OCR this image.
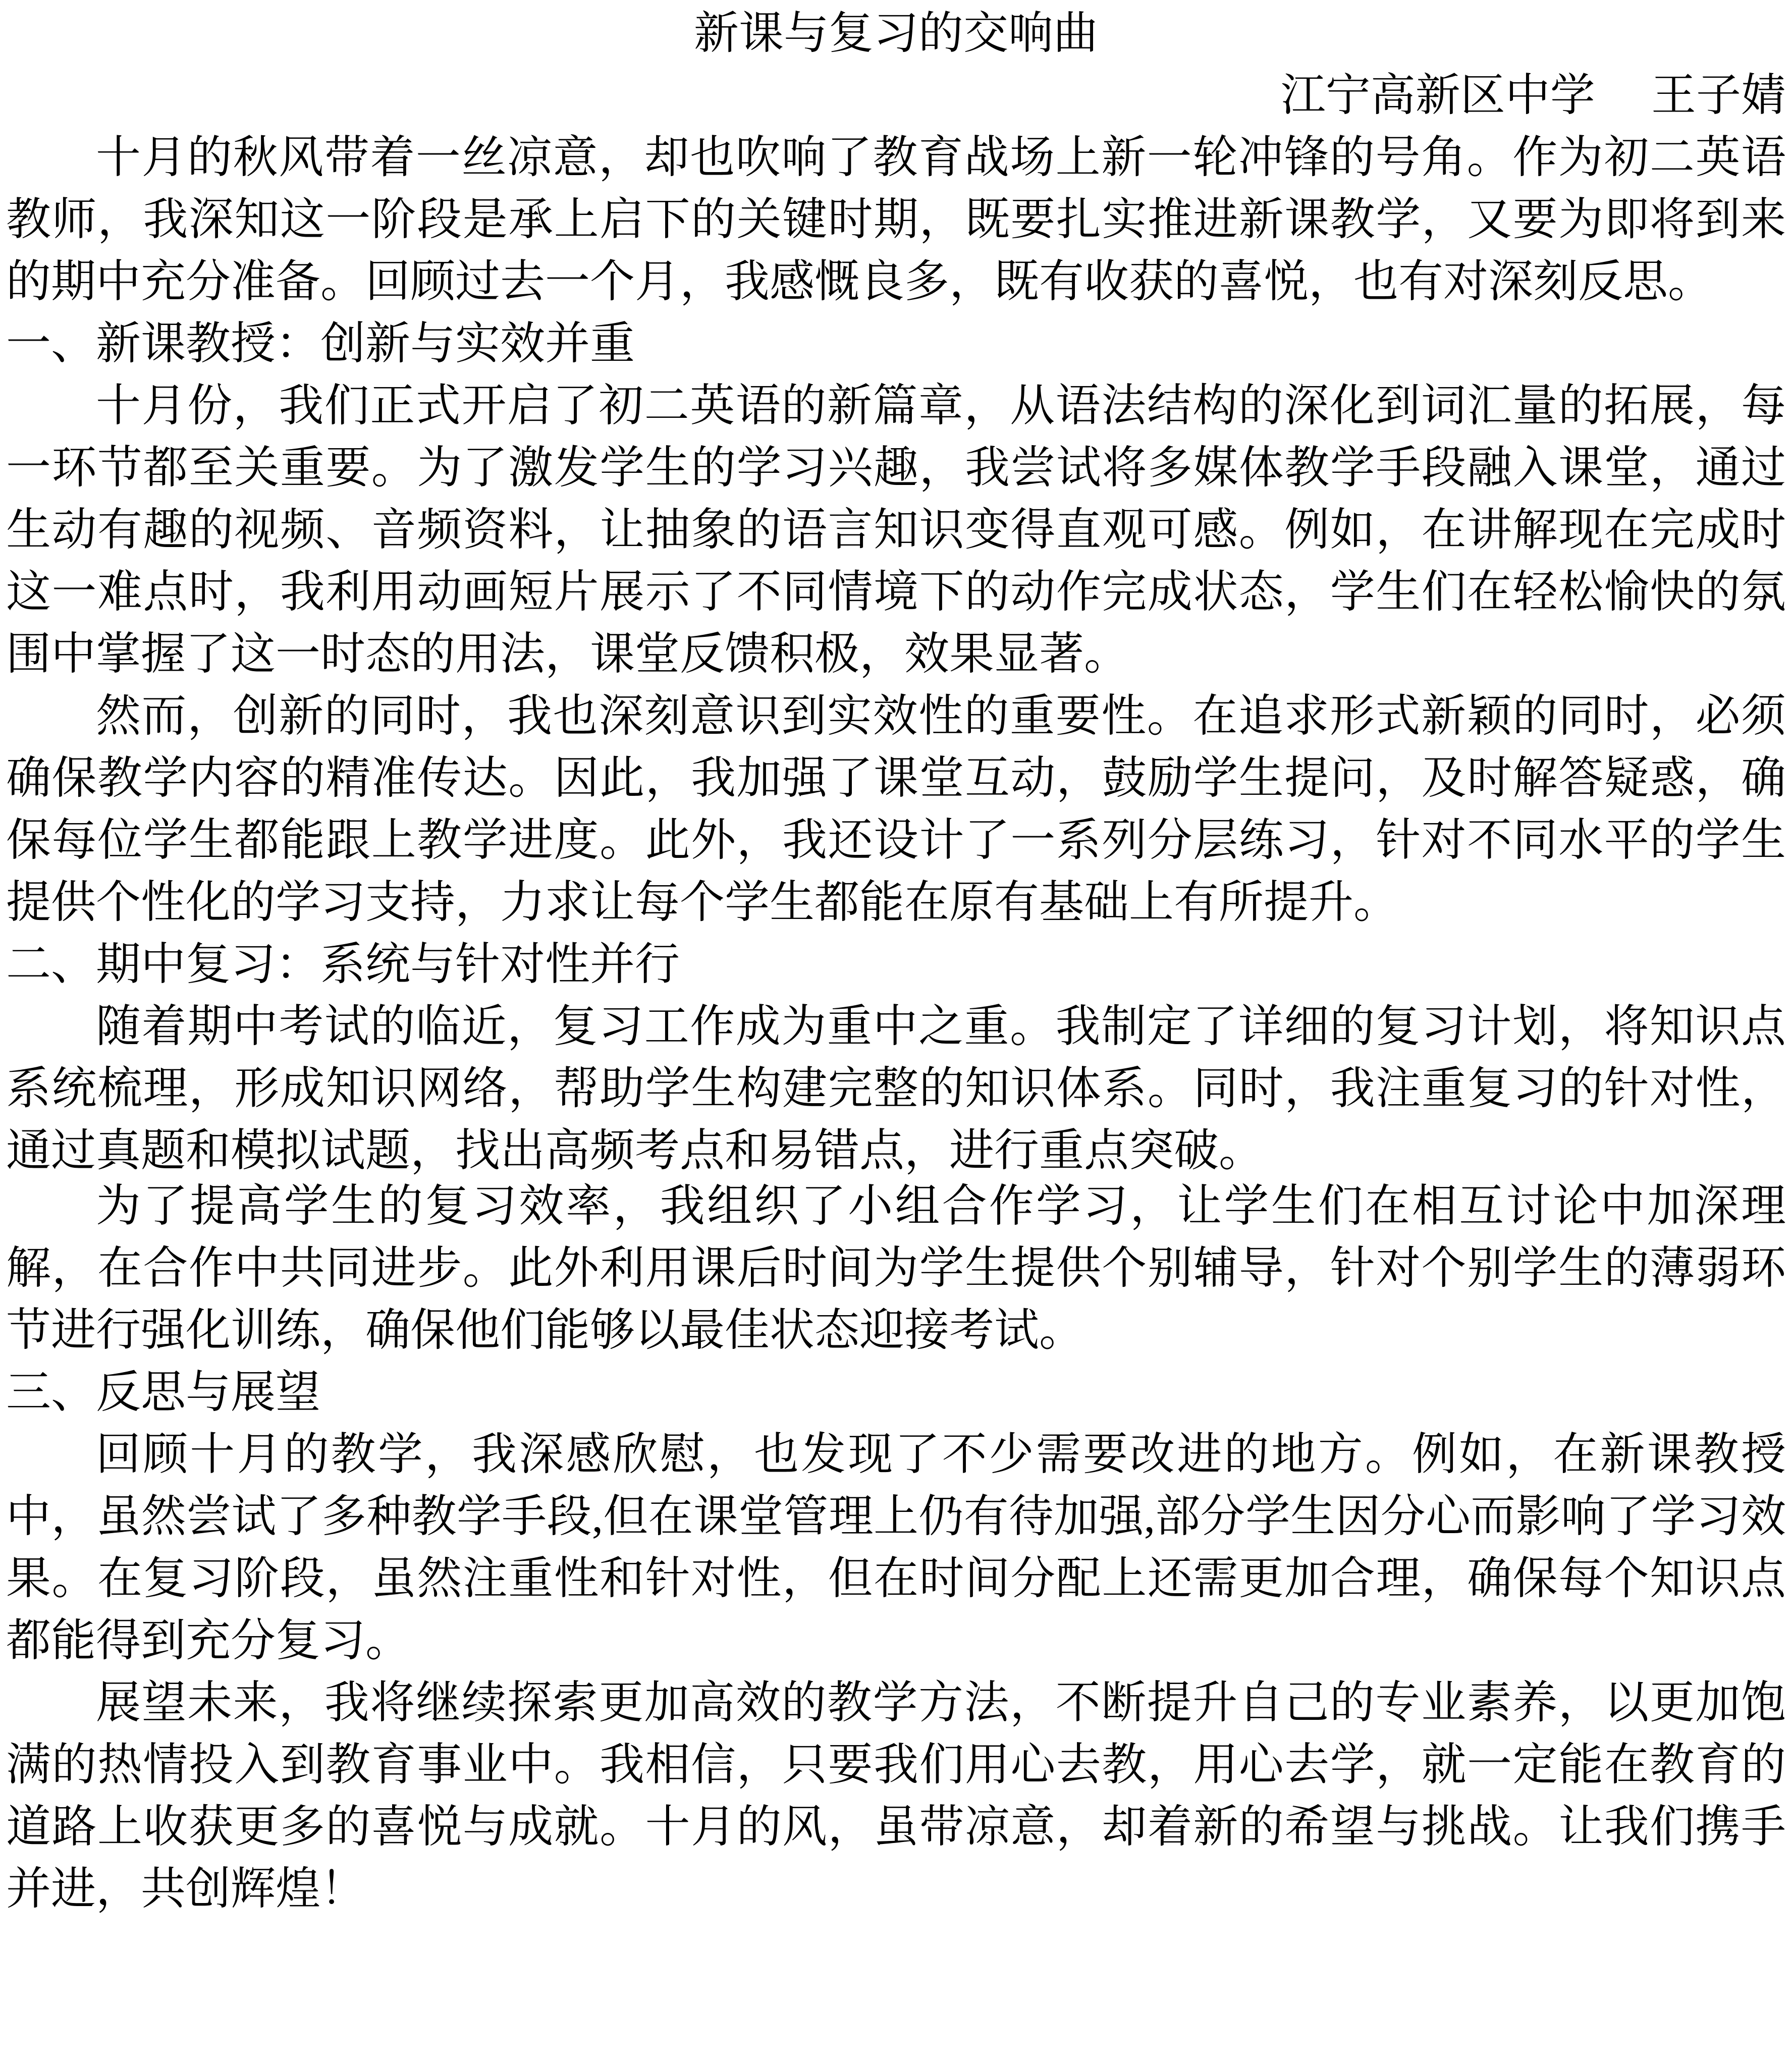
新课与复习的交响曲

江宁高新区中学　 王子婧

十月的秋风带着一丝凉意，却也吹响了教育战场上新一轮冲锋的号角。作为初二英语教师，我深知这一阶段是承上启下的关键时期，既要扎实推进新课教学，又要为即将到来的期中充分准备。回顾过去一个月，我感慨良多，既有收获的喜悦，也有对深刻反思。

一、新课教授：创新与实效并重

十月份，我们正式开启了初二英语的新篇章，从语法结构的深化到词汇量的拓展，每一环节都至关重要。为了激发学生的学习兴趣，我尝试将多媒体教学手段融入课堂，通过生动有趣的视频、音频资料，让抽象的语言知识变得直观可感。例如，在讲解现在完成时这一难点时，我利用动画短片展示了不同情境下的动作完成状态，学生们在轻松愉快的氛围中掌握了这一时态的用法，课堂反馈积极，效果显著。

然而，创新的同时，我也深刻意识到实效性的重要性。在追求形式新颖的同时，必须确保教学内容的精准传达。因此，我加强了课堂互动，鼓励学生提问，及时解答疑惑，确保每位学生都能跟上教学进度。此外，我还设计了一系列分层练习，针对不同水平的学生提供个性化的学习支持，力求让每个学生都能在原有基础上有所提升。

二、期中复习：系统与针对性并行

随着期中考试的临近，复习工作成为重中之重。我制定了详细的复习计划，将知识点系统梳理，形成知识网络，帮助学生构建完整的知识体系。同时，我注重复习的针对性，通过真题和模拟试题，找出高频考点和易错点，进行重点突破。

为了提高学生的复习效率，我组织了小组合作学习，让学生们在相互讨论中加深理解，在合作中共同进步。此外利用课后时间为学生提供个别辅导，针对个别学生的薄弱环节进行强化训练，确保他们能够以最佳状态迎接考试。

三、反思与展望

回顾十月的教学，我深感欣慰，也发现了不少需要改进的地方。例如，在新课教授中，虽然尝试了多种教学手段,但在课堂管理上仍有待加强,部分学生因分心而影响了学习效果。在复习阶段，虽然注重性和针对性，但在时间分配上还需更加合理，确保每个知识点都能得到充分复习。

展望未来，我将继续探索更加高效的教学方法，不断提升自己的专业素养，以更加饱满的热情投入到教育事业中。我相信，只要我们用心去教，用心去学，就一定能在教育的道路上收获更多的喜悦与成就。十月的风，虽带凉意，却着新的希望与挑战。让我们携手并进，共创辉煌！
